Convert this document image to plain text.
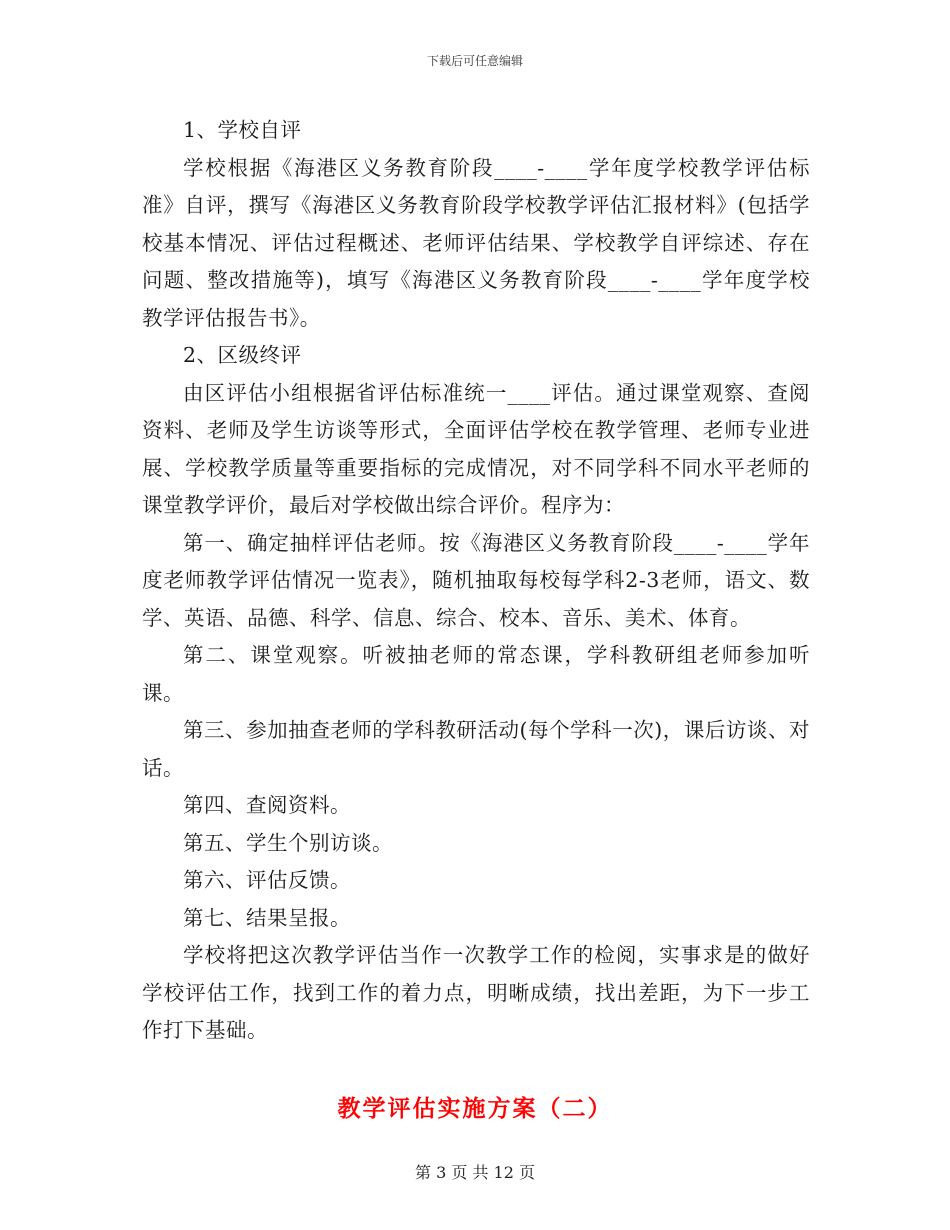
下载后可任意编辑

1、学校自评

学校根据《海港区义务教育阶段____-____学年度学校教学评估标准》自评，撰写《海港区义务教育阶段学校教学评估汇报材料》(包括学校基本情况、评估过程概述、老师评估结果、学校教学自评综述、存在问题、整改措施等)，填写《海港区义务教育阶段____-____学年度学校教学评估报告书》。

2、区级终评

由区评估小组根据省评估标准统一____评估。通过课堂观察、查阅资料、老师及学生访谈等形式，全面评估学校在教学管理、老师专业进展、学校教学质量等重要指标的完成情况，对不同学科不同水平老师的课堂教学评价，最后对学校做出综合评价。程序为：

第一、确定抽样评估老师。按《海港区义务教育阶段____-____学年度老师教学评估情况一览表》，随机抽取每校每学科2-3老师，语文、数学、英语、品德、科学、信息、综合、校本、音乐、美术、体育。

第二、课堂观察。听被抽老师的常态课，学科教研组老师参加听课。

第三、参加抽查老师的学科教研活动(每个学科一次)，课后访谈、对话。

第四、查阅资料。

第五、学生个别访谈。

第六、评估反馈。

第七、结果呈报。

学校将把这次教学评估当作一次教学工作的检阅，实事求是的做好学校评估工作，找到工作的着力点，明晰成绩，找出差距，为下一步工作打下基础。

教学评估实施方案（二）
第 3 页 共 12 页
